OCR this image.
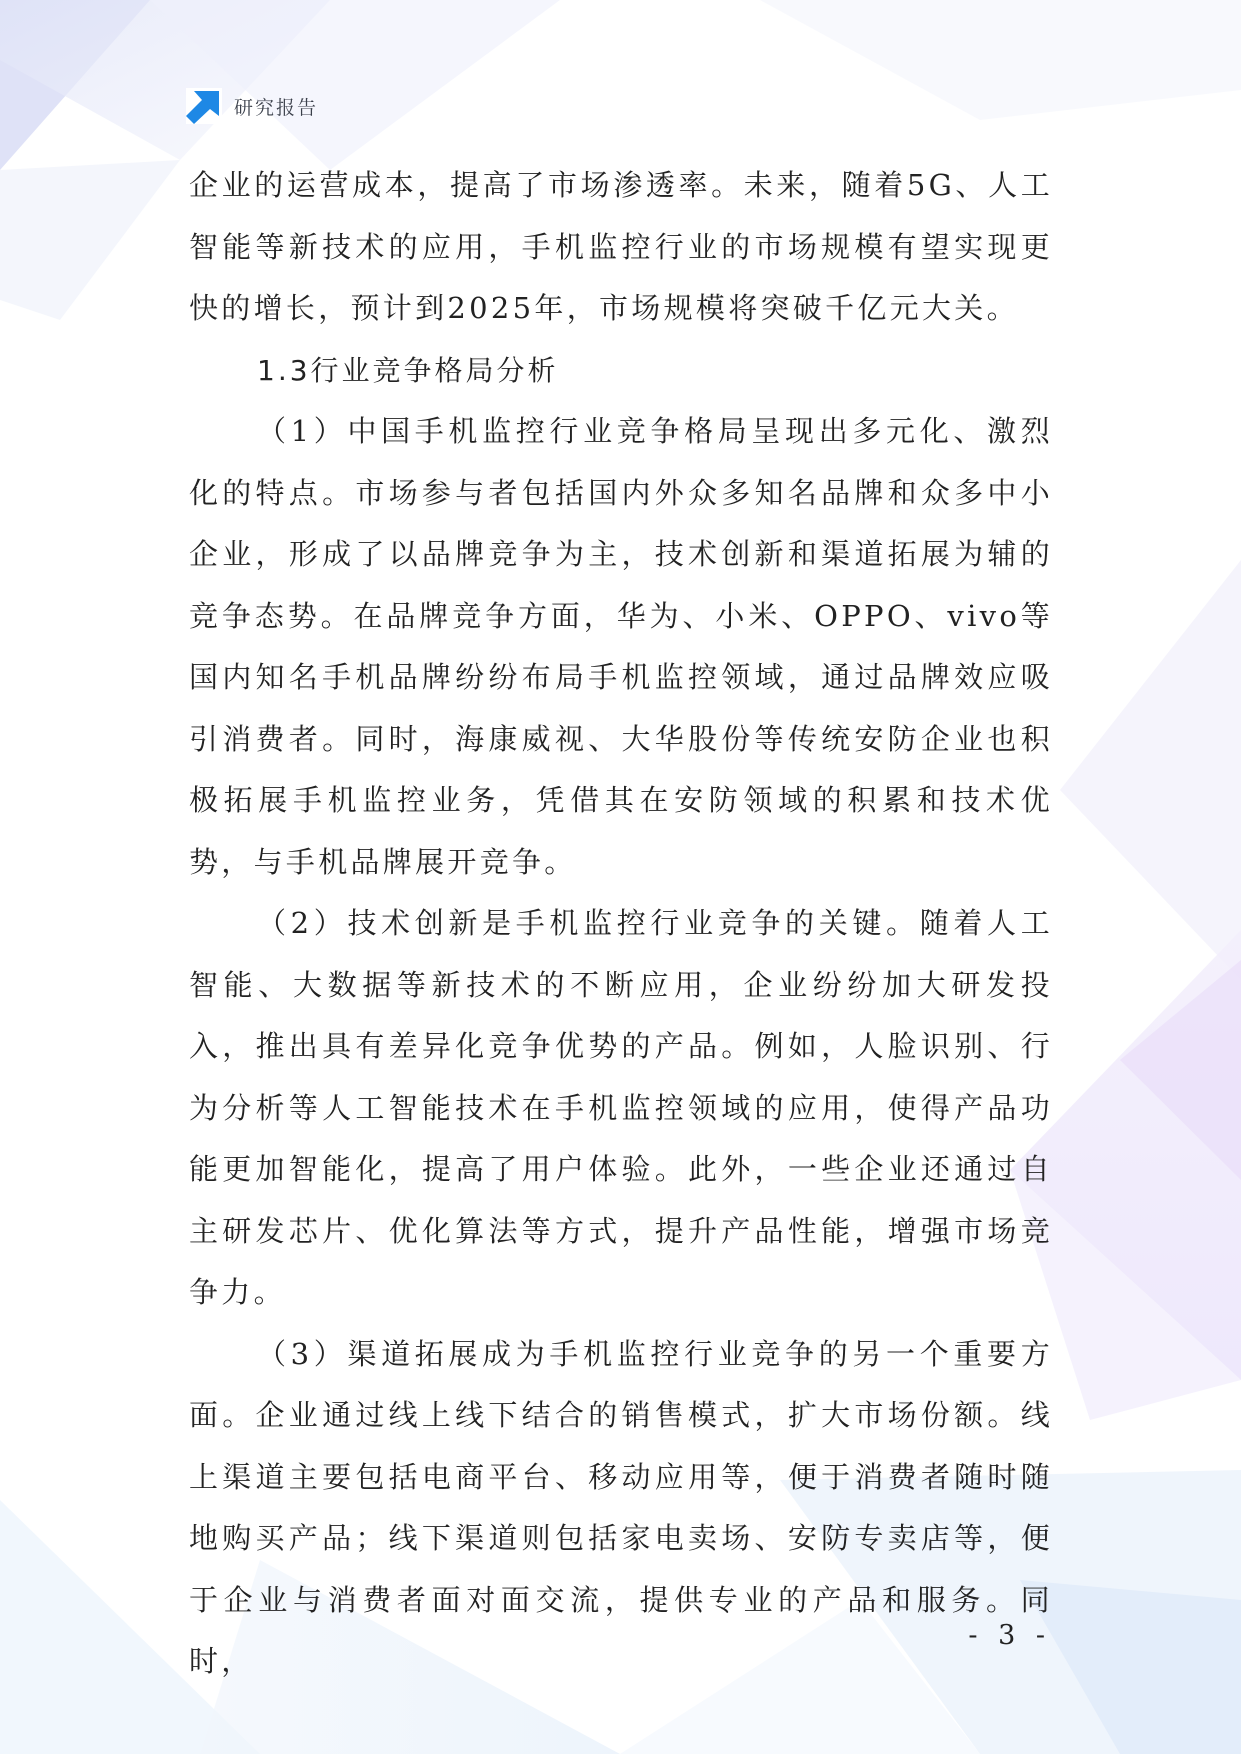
研究报告

企业的运营成本，提高了市场渗透率。未来，随着5G、人工智能等新技术的应用，手机监控行业的市场规模有望实现更快的增长，预计到2025年，市场规模将突破千亿元大关。

1.3行业竞争格局分析

（1）中国手机监控行业竞争格局呈现出多元化、激烈化的特点。市场参与者包括国内外众多知名品牌和众多中小企业，形成了以品牌竞争为主，技术创新和渠道拓展为辅的竞争态势。在品牌竞争方面，华为、小米、OPPO、vivo等国内知名手机品牌纷纷布局手机监控领域，通过品牌效应吸引消费者。同时，海康威视、大华股份等传统安防企业也积极拓展手机监控业务，凭借其在安防领域的积累和技术优势，与手机品牌展开竞争。

（2）技术创新是手机监控行业竞争的关键。随着人工智能、大数据等新技术的不断应用，企业纷纷加大研发投入，推出具有差异化竞争优势的产品。例如，人脸识别、行为分析等人工智能技术在手机监控领域的应用，使得产品功能更加智能化，提高了用户体验。此外，一些企业还通过自主研发芯片、优化算法等方式，提升产品性能，增强市场竞争力。

（3）渠道拓展成为手机监控行业竞争的另一个重要方面。企业通过线上线下结合的销售模式，扩大市场份额。线上渠道主要包括电商平台、移动应用等，便于消费者随时随地购买产品；线下渠道则包括家电卖场、安防专卖店等，便于企业与消费者面对面交流，提供专业的产品和服务。同时，

- 3 -
